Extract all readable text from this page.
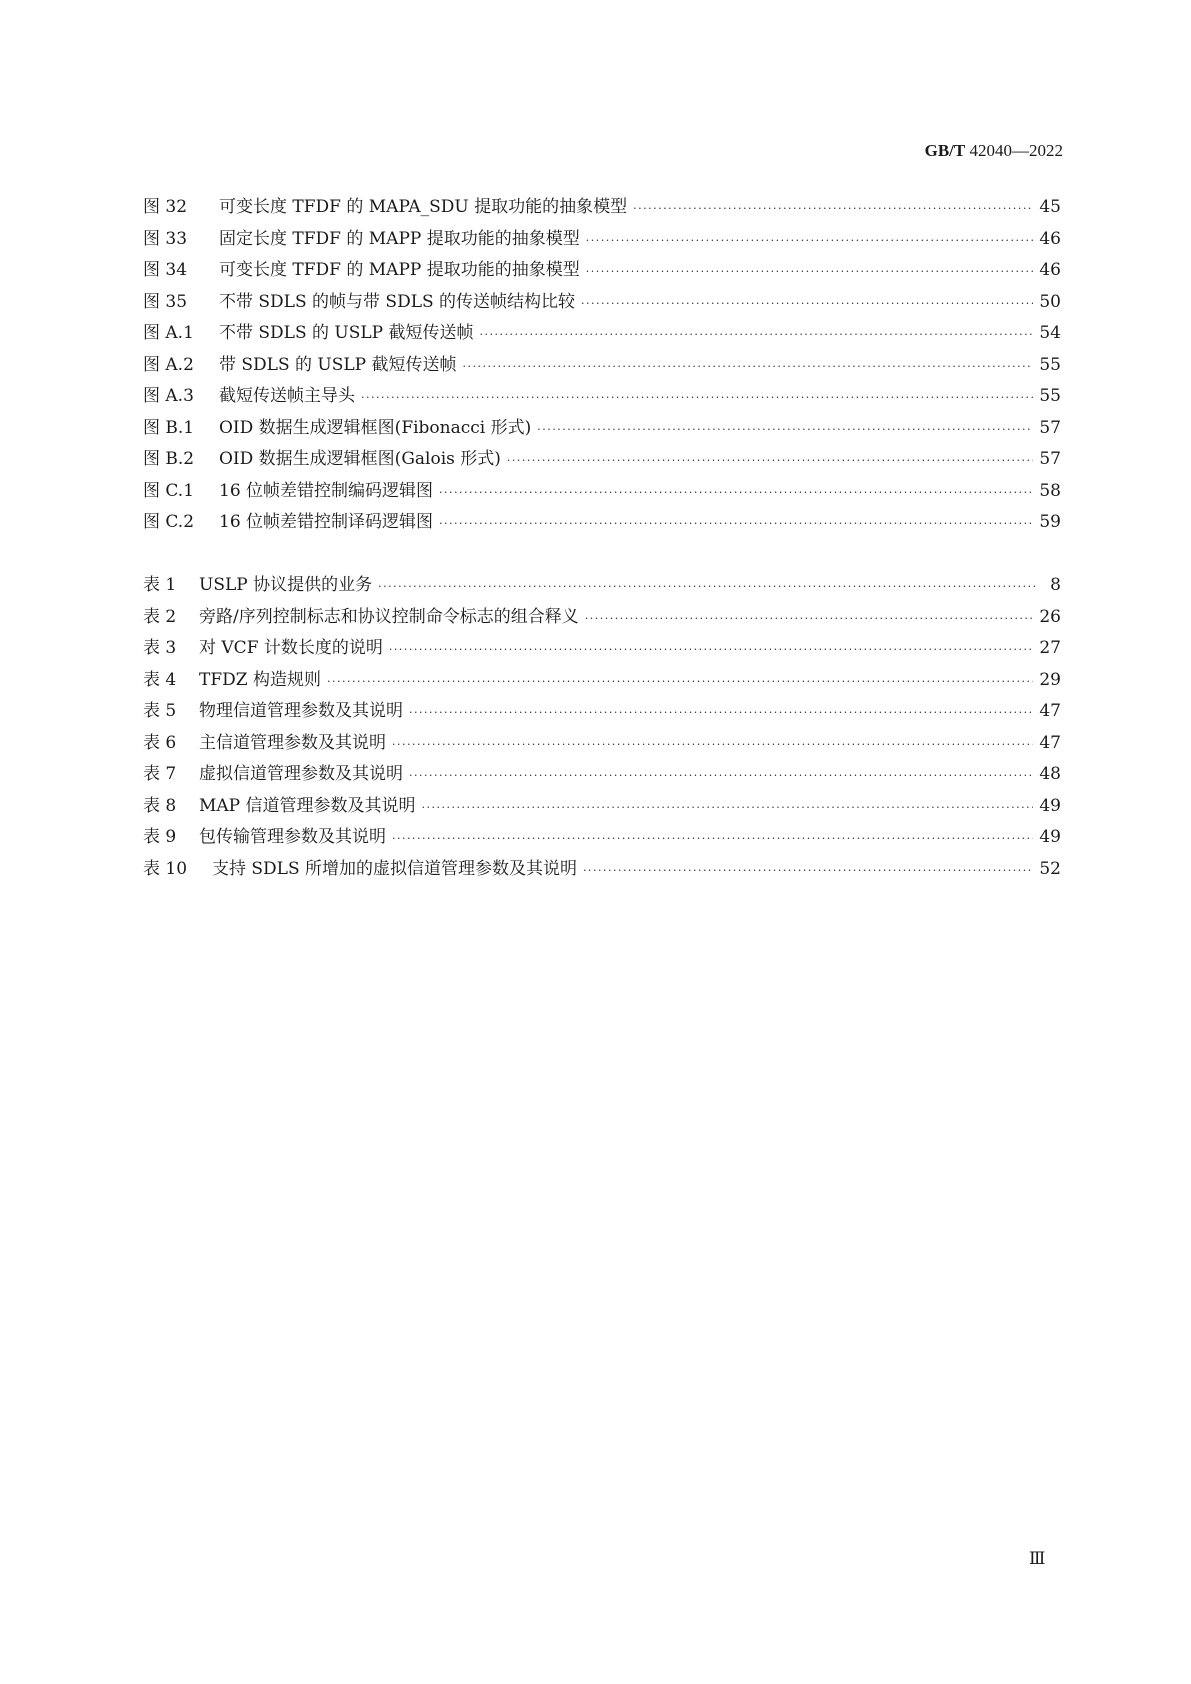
GB/T 42040—2022
图 32	可变长度 TFDF 的 MAPA_SDU 提取功能的抽象模型 ·····	45
图 33	固定长度 TFDF 的 MAPP 提取功能的抽象模型 ·····	46
图 34	可变长度 TFDF 的 MAPP 提取功能的抽象模型 ·····	46
图 35	不带 SDLS 的帧与带 SDLS 的传送帧结构比较 ·····	50
图 A.1	不带 SDLS 的 USLP 截短传送帧 ·····	54
图 A.2	带 SDLS 的 USLP 截短传送帧 ·····	55
图 A.3	截短传送帧主导头 ·····	55
图 B.1	OID 数据生成逻辑框图(Fibonacci 形式) ·····	57
图 B.2	OID 数据生成逻辑框图(Galois 形式) ·····	57
图 C.1	16 位帧差错控制编码逻辑图 ·····	58
图 C.2	16 位帧差错控制译码逻辑图 ·····	59
表 1	USLP 协议提供的业务 ·····	8
表 2	旁路/序列控制标志和协议控制命令标志的组合释义 ·····	26
表 3	对 VCF 计数长度的说明 ·····	27
表 4	TFDZ 构造规则 ·····	29
表 5	物理信道管理参数及其说明 ·····	47
表 6	主信道管理参数及其说明 ·····	47
表 7	虚拟信道管理参数及其说明 ·····	48
表 8	MAP 信道管理参数及其说明 ·····	49
表 9	包传输管理参数及其说明 ·····	49
表 10	支持 SDLS 所增加的虚拟信道管理参数及其说明 ·····	52
Ⅲ
